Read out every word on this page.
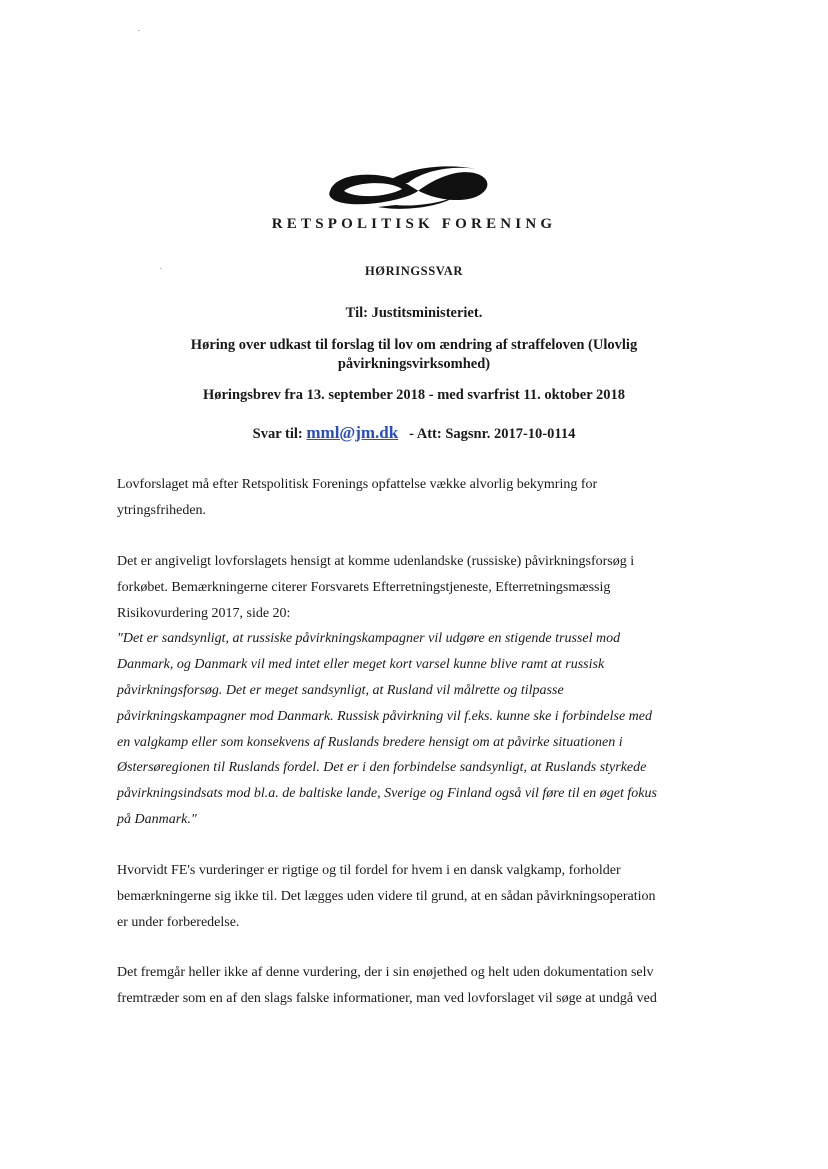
RETSPOLITISK FORENING
HØRINGSSVAR
Til: Justitsministeriet.
Høring over udkast til forslag til lov om ændring af straffeloven (Ulovlig
påvirkningsvirksomhed)
Høringsbrev fra 13. september 2018 - med svarfrist 11. oktober 2018
Svar til: mml@jm.dk - Att: Sagsnr. 2017-10-0114

Lovforslaget må efter Retspolitisk Forenings opfattelse vække alvorlig bekymring for

ytringsfriheden.

Det er angiveligt lovforslagets hensigt at komme udenlandske (russiske) påvirkningsforsøg i

forkøbet. Bemærkningerne citerer Forsvarets Efterretningstjeneste, Efterretningsmæssig

Risikovurdering 2017, side 20:

"Det er sandsynligt, at russiske påvirkningskampagner vil udgøre en stigende trussel mod

Danmark, og Danmark vil med intet eller meget kort varsel kunne blive ramt at russisk

påvirkningsforsøg. Det er meget sandsynligt, at Rusland vil målrette og tilpasse

påvirkningskampagner mod Danmark. Russisk påvirkning vil f.eks. kunne ske i forbindelse med

en valgkamp eller som konsekvens af Ruslands bredere hensigt om at påvirke situationen i

Østersøregionen til Ruslands fordel. Det er i den forbindelse sandsynligt, at Ruslands styrkede

påvirkningsindsats mod bl.a. de baltiske lande, Sverige og Finland også vil føre til en øget fokus

på Danmark."

Hvorvidt FE's vurderinger er rigtige og til fordel for hvem i en dansk valgkamp, forholder

bemærkningerne sig ikke til. Det lægges uden videre til grund, at en sådan påvirkningsoperation

er under forberedelse.

Det fremgår heller ikke af denne vurdering, der i sin enøjethed og helt uden dokumentation selv

fremtræder som en af den slags falske informationer, man ved lovforslaget vil søge at undgå ved
